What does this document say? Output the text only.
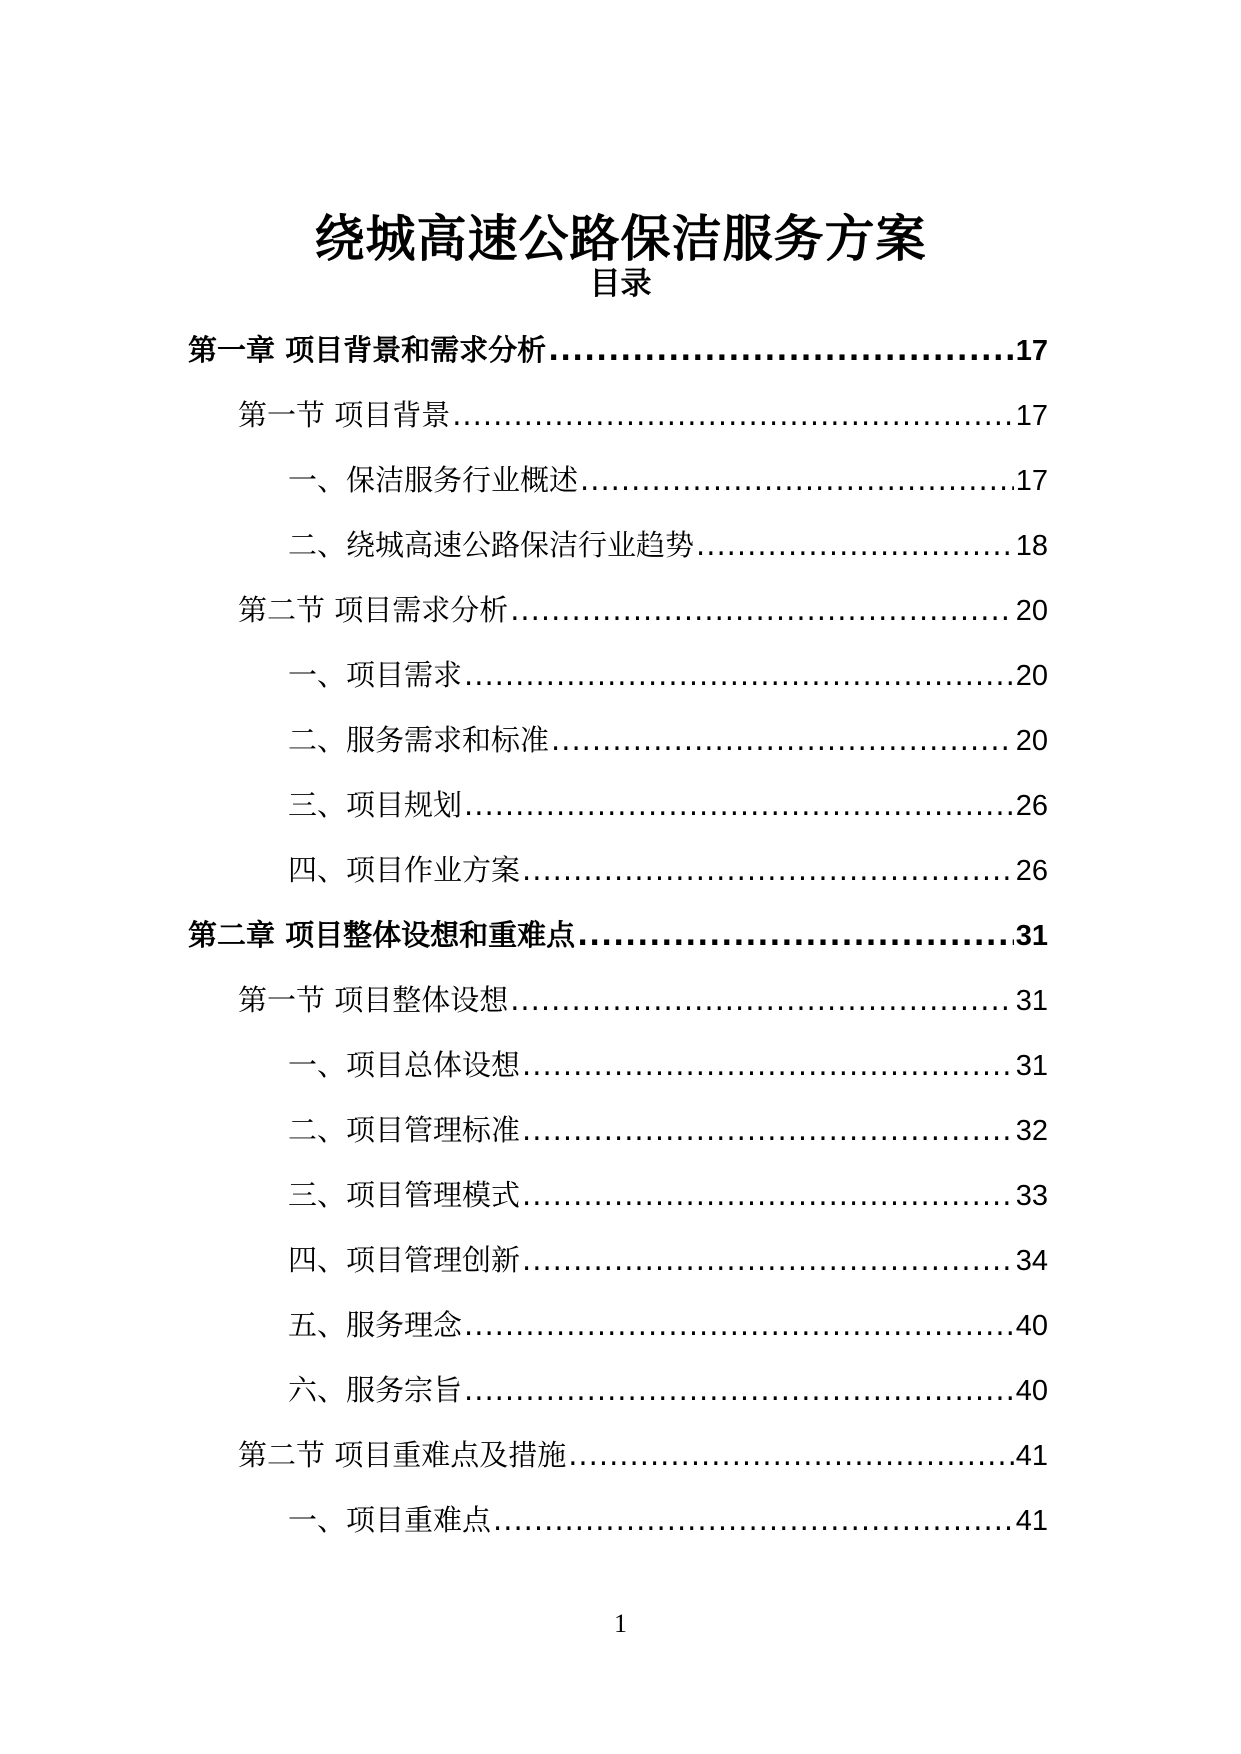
绕城高速公路保洁服务方案
目录
第一章 项目背景和需求分析 .....	17
第一节 项目背景 .....	17
一、保洁服务行业概述 .....	17
二、绕城高速公路保洁行业趋势 .....	18
第二节 项目需求分析 .....	20
一、项目需求 .....	20
二、服务需求和标准 .....	20
三、项目规划 .....	26
四、项目作业方案 .....	26
第二章 项目整体设想和重难点 .....	31
第一节 项目整体设想 .....	31
一、项目总体设想 .....	31
二、项目管理标准 .....	32
三、项目管理模式 .....	33
四、项目管理创新 .....	34
五、服务理念 .....	40
六、服务宗旨 .....	40
第二节 项目重难点及措施 .....	41
一、项目重难点 .....	41
1
